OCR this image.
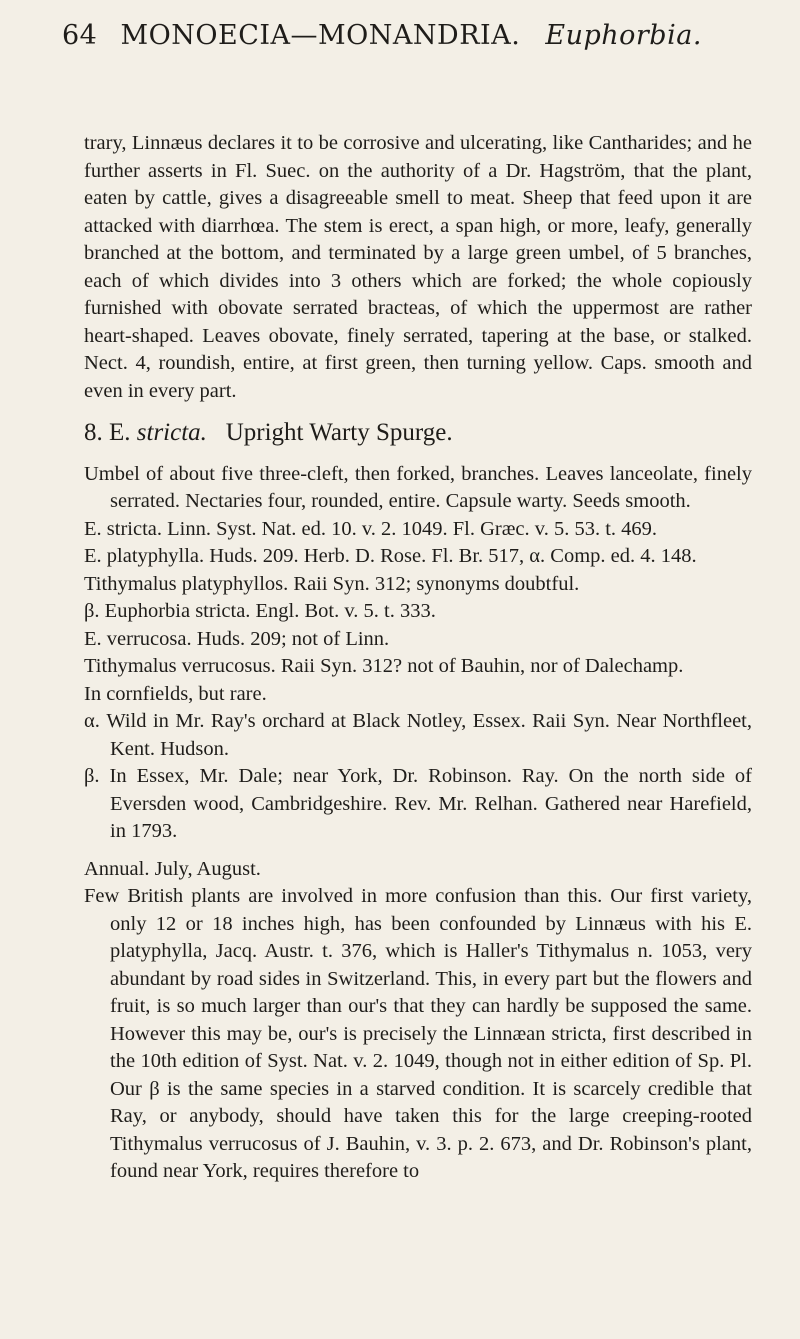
64 MONOECIA—MONANDRIA. Euphorbia.

trary, Linnæus declares it to be corrosive and ulcerating, like Cantharides; and he further asserts in Fl. Suec. on the authority of a Dr. Hagström, that the plant, eaten by cattle, gives a disagreeable smell to meat. Sheep that feed upon it are attacked with diarrhœa. The stem is erect, a span high, or more, leafy, generally branched at the bottom, and terminated by a large green umbel, of 5 branches, each of which divides into 3 others which are forked; the whole copiously furnished with obovate serrated bracteas, of which the uppermost are rather heart-shaped. Leaves obovate, finely serrated, tapering at the base, or stalked. Nect. 4, roundish, entire, at first green, then turning yellow. Caps. smooth and even in every part.

8. E. stricta. Upright Warty Spurge.

Umbel of about five three-cleft, then forked, branches. Leaves lanceolate, finely serrated. Nectaries four, rounded, entire. Capsule warty. Seeds smooth.

E. stricta. Linn. Syst. Nat. ed. 10. v. 2. 1049. Fl. Græc. v. 5. 53. t. 469.

E. platyphylla. Huds. 209. Herb. D. Rose. Fl. Br. 517, α. Comp. ed. 4. 148.

Tithymalus platyphyllos. Raii Syn. 312; synonyms doubtful.

β. Euphorbia stricta. Engl. Bot. v. 5. t. 333.

E. verrucosa. Huds. 209; not of Linn.

Tithymalus verrucosus. Raii Syn. 312? not of Bauhin, nor of Dalechamp.

In cornfields, but rare.

α. Wild in Mr. Ray's orchard at Black Notley, Essex. Raii Syn. Near Northfleet, Kent. Hudson.

β. In Essex, Mr. Dale; near York, Dr. Robinson. Ray. On the north side of Eversden wood, Cambridgeshire. Rev. Mr. Relhan. Gathered near Harefield, in 1793.

Annual. July, August.

Few British plants are involved in more confusion than this. Our first variety, only 12 or 18 inches high, has been confounded by Linnæus with his E. platyphylla, Jacq. Austr. t. 376, which is Haller's Tithymalus n. 1053, very abundant by road sides in Switzerland. This, in every part but the flowers and fruit, is so much larger than our's that they can hardly be supposed the same. However this may be, our's is precisely the Linnæan stricta, first described in the 10th edition of Syst. Nat. v. 2. 1049, though not in either edition of Sp. Pl. Our β is the same species in a starved condition. It is scarcely credible that Ray, or anybody, should have taken this for the large creeping-rooted Tithymalus verrucosus of J. Bauhin, v. 3. p. 2. 673, and Dr. Robinson's plant, found near York, requires therefore to
